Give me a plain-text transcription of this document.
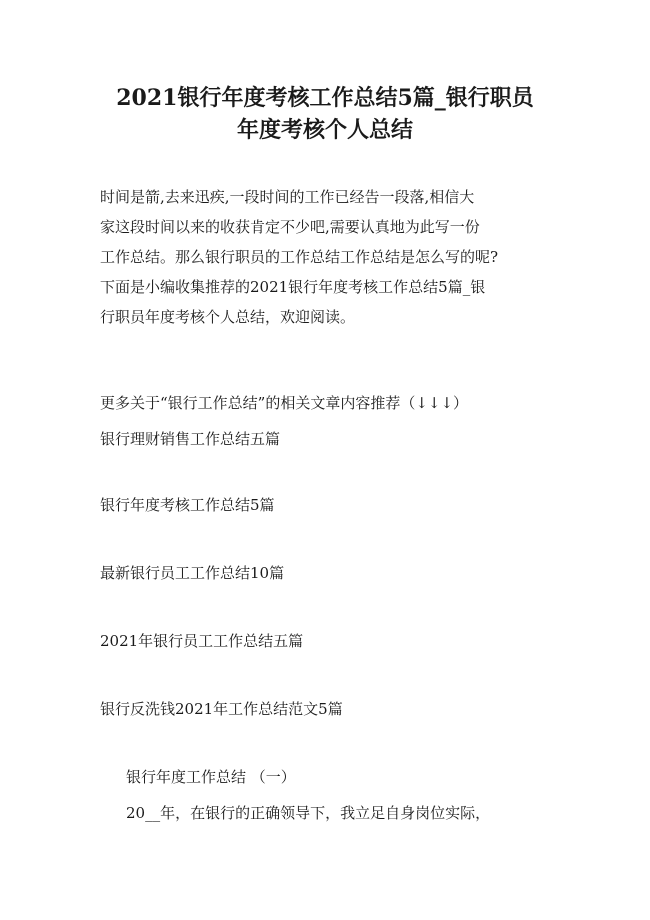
2021银行年度考核工作总结5篇_银行职员
年度考核个人总结

时间是箭,去来迅疾,一段时间的工作已经告一段落,相信大
家这段时间以来的收获肯定不少吧,需要认真地为此写一份
工作总结。那么银行职员的工作总结工作总结是怎么写的呢?
下面是小编收集推荐的2021银行年度考核工作总结5篇_银
行职员年度考核个人总结，欢迎阅读。

更多关于“银行工作总结”的相关文章内容推荐（↓↓↓）

银行理财销售工作总结五篇

银行年度考核工作总结5篇

最新银行员工工作总结10篇

2021年银行员工工作总结五篇

银行反洗钱2021年工作总结范文5篇

银行年度工作总结 （一）

20__年，在银行的正确领导下，我立足自身岗位实际，
